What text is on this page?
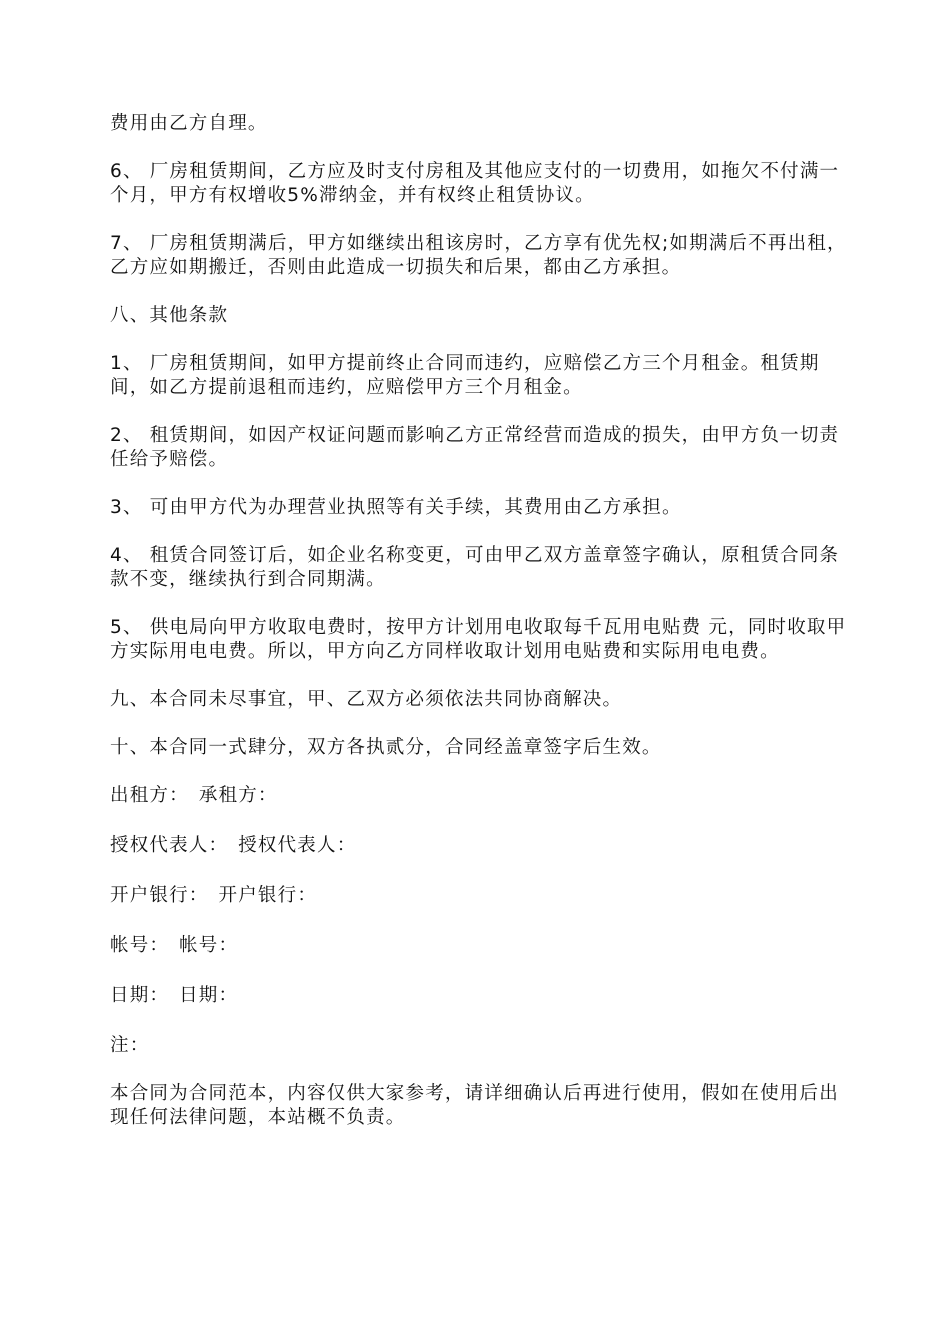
费用由乙方自理。

6、 厂房租赁期间，乙方应及时支付房租及其他应支付的一切费用，如拖欠不付满一个月，甲方有权增收5%滞纳金，并有权终止租赁协议。

7、 厂房租赁期满后，甲方如继续出租该房时，乙方享有优先权;如期满后不再出租，乙方应如期搬迁，否则由此造成一切损失和后果，都由乙方承担。

八、其他条款

1、 厂房租赁期间，如甲方提前终止合同而违约，应赔偿乙方三个月租金。租赁期间，如乙方提前退租而违约，应赔偿甲方三个月租金。

2、 租赁期间，如因产权证问题而影响乙方正常经营而造成的损失，由甲方负一切责任给予赔偿。

3、 可由甲方代为办理营业执照等有关手续，其费用由乙方承担。

4、 租赁合同签订后，如企业名称变更，可由甲乙双方盖章签字确认，原租赁合同条款不变，继续执行到合同期满。

5、 供电局向甲方收取电费时，按甲方计划用电收取每千瓦用电贴费 元，同时收取甲方实际用电电费。所以，甲方向乙方同样收取计划用电贴费和实际用电电费。

九、本合同未尽事宜，甲、乙双方必须依法共同协商解决。

十、本合同一式肆分，双方各执贰分，合同经盖章签字后生效。

出租方： 承租方：
授权代表人： 授权代表人：
开户银行： 开户银行：
帐号： 帐号：
日期： 日期：

注：

本合同为合同范本，内容仅供大家参考，请详细确认后再进行使用，假如在使用后出现任何法律问题，本站概不负责。
